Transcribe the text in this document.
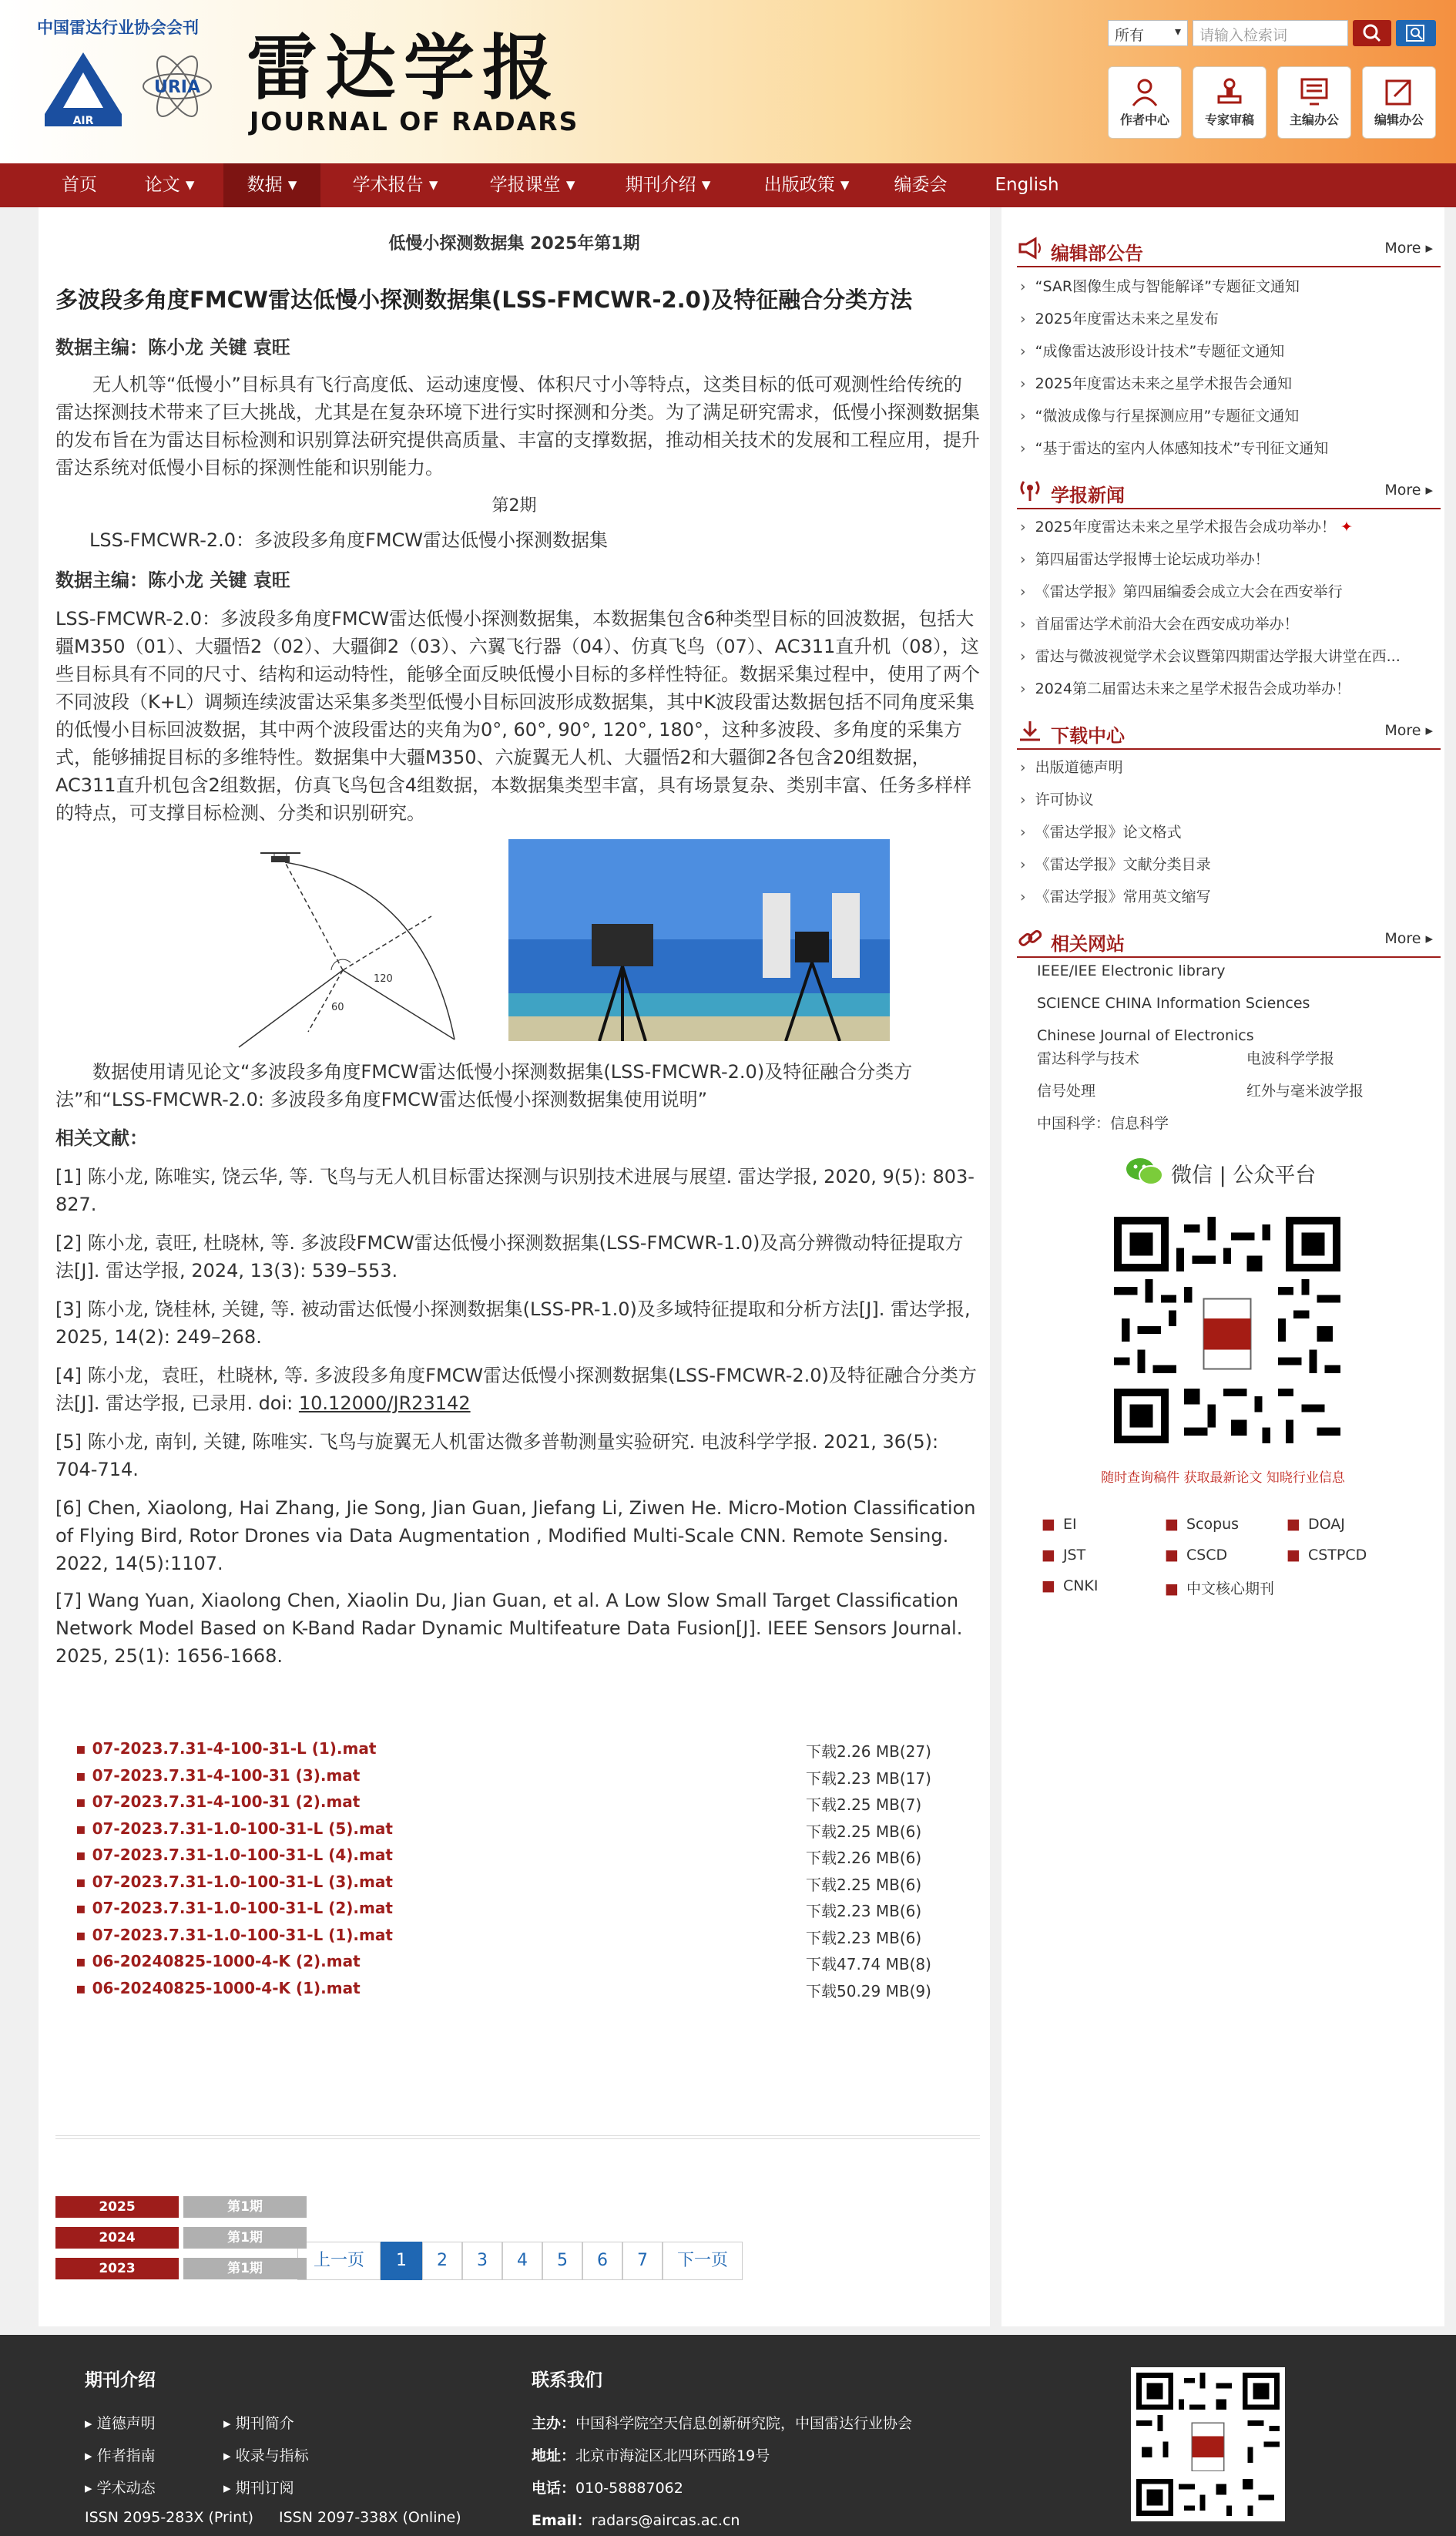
中国雷达行业协会会刊
AIR
URIA 雷达学报
JOURNAL OF RADARS
所有 ▾	请输入检索词
作者中心	专家审稿	主编办公	编辑办公
首页	论文 ▾	数据 ▾	学术报告 ▾	学报课堂 ▾	期刊介绍 ▾	出版政策 ▾	编委会	English
低慢小探测数据集 2025年第1期
多波段多角度FMCW雷达低慢小探测数据集(LSS-FMCWR-2.0)及特征融合分类方法
数据主编：陈小龙 关键 袁旺
无人机等“低慢小”目标具有飞行高度低、运动速度慢、体积尺寸小等特点，这类目标的低可观测性给传统的雷达探测技术带来了巨大挑战，尤其是在复杂环境下进行实时探测和分类。为了满足研究需求，低慢小探测数据集的发布旨在为雷达目标检测和识别算法研究提供高质量、丰富的支撑数据，推动相关技术的发展和工程应用，提升雷达系统对低慢小目标的探测性能和识别能力。
第2期
LSS-FMCWR-2.0：多波段多角度FMCW雷达低慢小探测数据集
数据主编：陈小龙 关键 袁旺
LSS-FMCWR-2.0：多波段多角度FMCW雷达低慢小探测数据集，本数据集包含6种类型目标的回波数据，包括大疆M350（01）、大疆悟2（02）、大疆御2（03）、六翼飞行器（04）、仿真飞鸟（07）、AC311直升机（08），这些目标具有不同的尺寸、结构和运动特性，能够全面反映低慢小目标的多样性特征。数据采集过程中，使用了两个不同波段（K+L）调频连续波雷达采集多类型低慢小目标回波形成数据集，其中K波段雷达数据包括不同角度采集的低慢小目标回波数据，其中两个波段雷达的夹角为0°, 60°, 90°, 120°, 180°，这种多波段、多角度的采集方式，能够捕捉目标的多维特性。数据集中大疆M350、六旋翼无人机、大疆悟2和大疆御2各包含20组数据，AC311直升机包含2组数据，仿真飞鸟包含4组数据，本数据集类型丰富，具有场景复杂、类别丰富、任务多样样的特点，可支撑目标检测、分类和识别研究。
120
60
数据使用请见论文“多波段多角度FMCW雷达低慢小探测数据集(LSS-FMCWR-2.0)及特征融合分类方法”和“LSS-FMCWR-2.0: 多波段多角度FMCW雷达低慢小探测数据集使用说明”
相关文献：
[1] 陈小龙, 陈唯实, 饶云华, 等. 飞鸟与无人机目标雷达探测与识别技术进展与展望. 雷达学报, 2020, 9(5): 803-827.
[2] 陈小龙, 袁旺, 杜晓林, 等. 多波段FMCW雷达低慢小探测数据集(LSS-FMCWR-1.0)及高分辨微动特征提取方法[J]. 雷达学报, 2024, 13(3): 539–553.
[3] 陈小龙, 饶桂林, 关键, 等. 被动雷达低慢小探测数据集(LSS-PR-1.0)及多域特征提取和分析方法[J]. 雷达学报, 2025, 14(2): 249–268.
[4] 陈小龙，袁旺，杜晓林, 等. 多波段多角度FMCW雷达低慢小探测数据集(LSS-FMCWR-2.0)及特征融合分类方法[J]. 雷达学报, 已录用. doi: 10.12000/JR23142
[5] 陈小龙, 南钊, 关键, 陈唯实. 飞鸟与旋翼无人机雷达微多普勒测量实验研究. 电波科学学报. 2021, 36(5): 704-714.
[6] Chen, Xiaolong, Hai Zhang, Jie Song, Jian Guan, Jiefang Li, Ziwen He. Micro-Motion Classification of Flying Bird, Rotor Drones via Data Augmentation , Modified Multi-Scale CNN. Remote Sensing. 2022, 14(5):1107.
[7] Wang Yuan, Xiaolong Chen, Xiaolin Du, Jian Guan, et al. A Low Slow Small Target Classification Network Model Based on K-Band Radar Dynamic Multifeature Data Fusion[J]. IEEE Sensors Journal. 2025, 25(1): 1656-1668.
▪ 07-2023.7.31-4-100-31-L (1).mat	下载2.26 MB(27)
▪ 07-2023.7.31-4-100-31 (3).mat	下载2.23 MB(17)
▪ 07-2023.7.31-4-100-31 (2).mat	下载2.25 MB(7)
▪ 07-2023.7.31-1.0-100-31-L (5).mat	下载2.25 MB(6)
▪ 07-2023.7.31-1.0-100-31-L (4).mat	下载2.26 MB(6)
▪ 07-2023.7.31-1.0-100-31-L (3).mat	下载2.25 MB(6)
▪ 07-2023.7.31-1.0-100-31-L (2).mat	下载2.23 MB(6)
▪ 07-2023.7.31-1.0-100-31-L (1).mat	下载2.23 MB(6)
▪ 06-20240825-1000-4-K (2).mat	下载47.74 MB(8)
▪ 06-20240825-1000-4-K (1).mat	下载50.29 MB(9)
上一页	1	2	3	4	5	6	7	下一页
2025	第1期
2024	第1期
2023	第1期
编辑部公告	More ▸
› “SAR图像生成与智能解译”专题征文通知
› 2025年度雷达未来之星发布
› “成像雷达波形设计技术”专题征文通知
› 2025年度雷达未来之星学术报告会通知
› “微波成像与行星探测应用”专题征文通知
› “基于雷达的室内人体感知技术”专刊征文通知
学报新闻	More ▸
› 2025年度雷达未来之星学术报告会成功举办！ ✦
› 第四届雷达学报博士论坛成功举办！
› 《雷达学报》第四届编委会成立大会在西安举行
› 首届雷达学术前沿大会在西安成功举办！
› 雷达与微波视觉学术会议暨第四期雷达学报大讲堂在西...
› 2024第二届雷达未来之星学术报告会成功举办！
下载中心	More ▸
› 出版道德声明
› 许可协议
› 《雷达学报》论文格式
› 《雷达学报》文献分类目录
› 《雷达学报》常用英文缩写
相关网站	More ▸
IEEE/IEE Electronic library
SCIENCE CHINA Information Sciences
Chinese Journal of Electronics
雷达科学与技术	电波科学学报
信号处理	红外与毫米波学报
中国科学：信息科学
微信 | 公众平台
随时查询稿件 获取最新论文 知晓行业信息
■ EI	■ Scopus	■ DOAJ
■ JST	■ CSCD	■ CSTPCD
■ CNKI	■ 中文核心期刊
期刊介绍
▸ 道德声明	▸ 期刊简介
▸ 作者指南	▸ 收录与指标
▸ 学术动态	▸ 期刊订阅
ISSN 2095-283X (Print) ISSN 2097-338X (Online)
联系我们
主办：中国科学院空天信息创新研究院，中国雷达行业协会
地址：北京市海淀区北四环西路19号
电话：010-58887062
Email：radars@aircas.ac.cn
